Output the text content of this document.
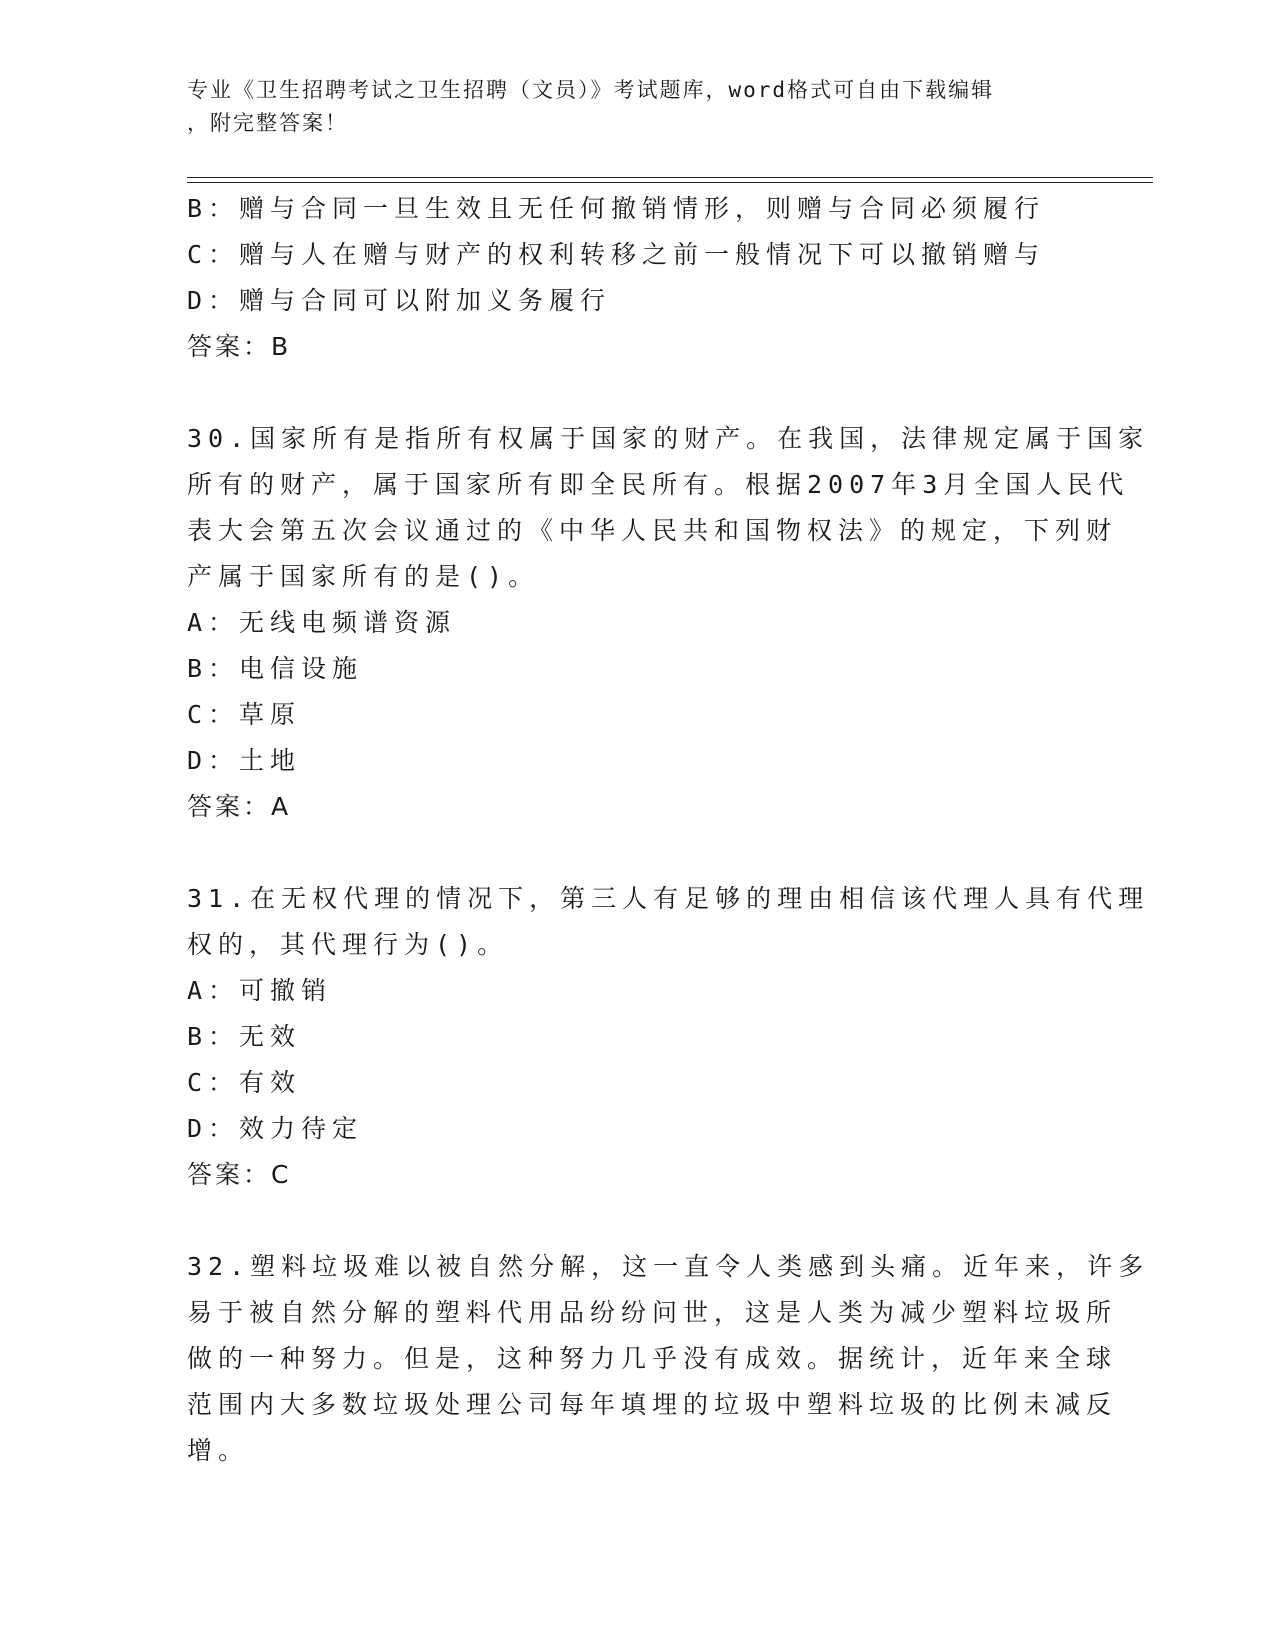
专业《卫生招聘考试之卫生招聘（文员）》考试题库，word格式可自由下载编辑
，附完整答案！
B：赠与合同一旦生效且无任何撤销情形，则赠与合同必须履行
C：赠与人在赠与财产的权利转移之前一般情况下可以撤销赠与
D：赠与合同可以附加义务履行
答案：B
30.国家所有是指所有权属于国家的财产。在我国，法律规定属于国家
所有的财产，属于国家所有即全民所有。根据2007年3月全国人民代
表大会第五次会议通过的《中华人民共和国物权法》的规定，下列财
产属于国家所有的是()。
A：无线电频谱资源
B：电信设施
C：草原
D：土地
答案：A
31.在无权代理的情况下，第三人有足够的理由相信该代理人具有代理
权的，其代理行为()。
A：可撤销
B：无效
C：有效
D：效力待定
答案：C
32.塑料垃圾难以被自然分解，这一直令人类感到头痛。近年来，许多
易于被自然分解的塑料代用品纷纷问世，这是人类为减少塑料垃圾所
做的一种努力。但是，这种努力几乎没有成效。据统计，近年来全球
范围内大多数垃圾处理公司每年填埋的垃圾中塑料垃圾的比例未减反
增。
